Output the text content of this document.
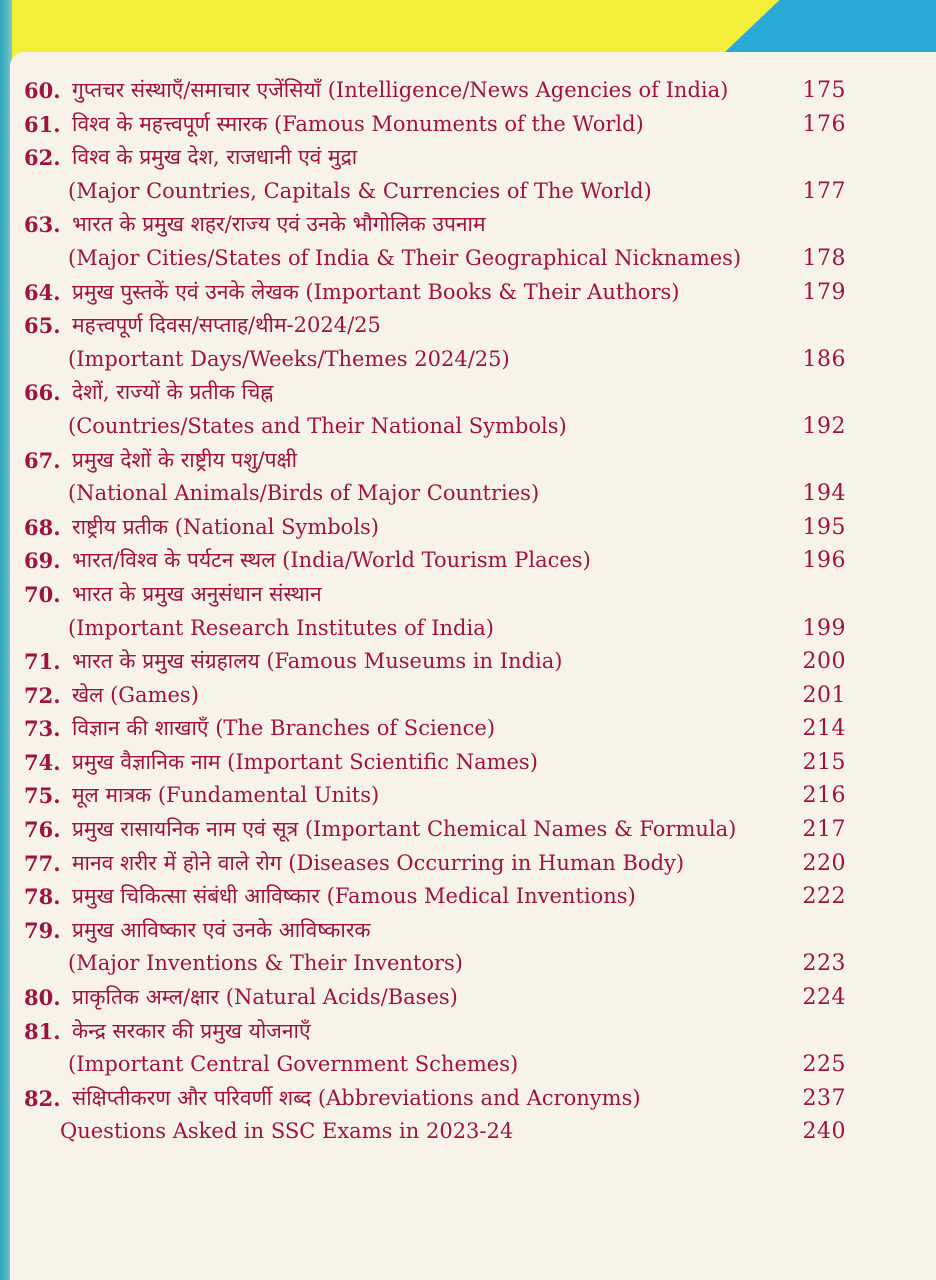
60. गुप्तचर संस्थाएँ/समाचार एजेंसियाँ (Intelligence/News Agencies of India)	175
61. विश्व के महत्त्वपूर्ण स्मारक (Famous Monuments of the World)	176
62. विश्व के प्रमुख देश, राजधानी एवं मुद्रा
(Major Countries, Capitals & Currencies of The World)	177
63. भारत के प्रमुख शहर/राज्य एवं उनके भौगोलिक उपनाम
(Major Cities/States of India & Their Geographical Nicknames)	178
64. प्रमुख पुस्तकें एवं उनके लेखक (Important Books & Their Authors)	179
65. महत्त्वपूर्ण दिवस/सप्ताह/थीम-2024/25
(Important Days/Weeks/Themes 2024/25)	186
66. देशों, राज्यों के प्रतीक चिह्न
(Countries/States and Their National Symbols)	192
67. प्रमुख देशों के राष्ट्रीय पशु/पक्षी
(National Animals/Birds of Major Countries)	194
68. राष्ट्रीय प्रतीक (National Symbols)	195
69. भारत/विश्व के पर्यटन स्थल (India/World Tourism Places)	196
70. भारत के प्रमुख अनुसंधान संस्थान
(Important Research Institutes of India)	199
71. भारत के प्रमुख संग्रहालय (Famous Museums in India)	200
72. खेल (Games)	201
73. विज्ञान की शाखाएँ (The Branches of Science)	214
74. प्रमुख वैज्ञानिक नाम (Important Scientific Names)	215
75. मूल मात्रक (Fundamental Units)	216
76. प्रमुख रासायनिक नाम एवं सूत्र (Important Chemical Names & Formula)	217
77. मानव शरीर में होने वाले रोग (Diseases Occurring in Human Body)	220
78. प्रमुख चिकित्सा संबंधी आविष्कार (Famous Medical Inventions)	222
79. प्रमुख आविष्कार एवं उनके आविष्कारक
(Major Inventions & Their Inventors)	223
80. प्राकृतिक अम्ल/क्षार (Natural Acids/Bases)	224
81. केन्द्र सरकार की प्रमुख योजनाएँ
(Important Central Government Schemes)	225
82. संक्षिप्तीकरण और परिवर्णी शब्द (Abbreviations and Acronyms)	237
Questions Asked in SSC Exams in 2023-24	240
